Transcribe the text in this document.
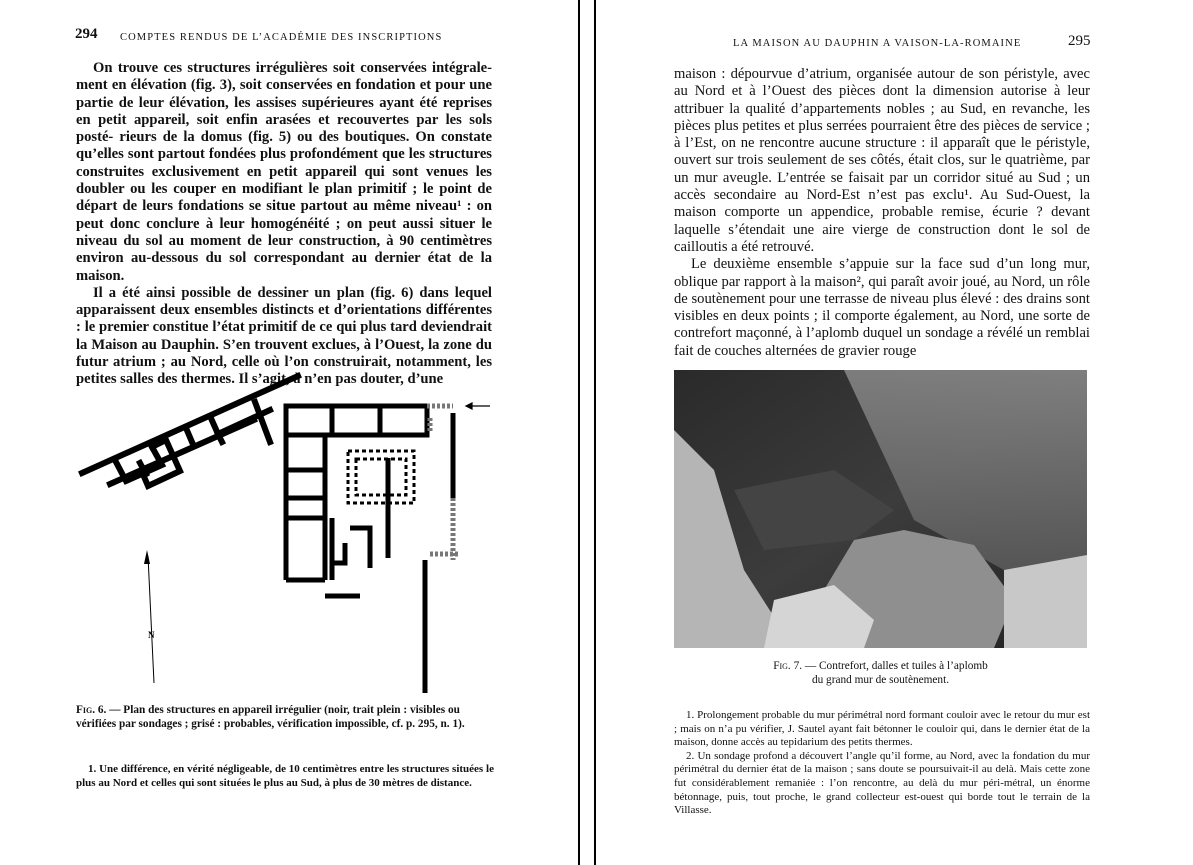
294 COMPTES RENDUS DE L’ACADÉMIE DES INSCRIPTIONS

On trouve ces structures irrégulières soit conservées intégrale- ment en élévation (fig. 3), soit conservées en fondation et pour une partie de leur élévation, les assises supérieures ayant été reprises en petit appareil, soit enfin arasées et recouvertes par les sols posté- rieurs de la domus (fig. 5) ou des boutiques. On constate qu’elles sont partout fondées plus profondément que les structures construites exclusivement en petit appareil qui sont venues les doubler ou les couper en modifiant le plan primitif ; le point de départ de leurs fondations se situe partout au même niveau¹ : on peut donc conclure à leur homogénéité ; on peut aussi situer le niveau du sol au moment de leur construction, à 90 centimètres environ au-dessous du sol correspondant au dernier état de la maison.

Il a été ainsi possible de dessiner un plan (fig. 6) dans lequel apparaissent deux ensembles distincts et d’orientations différentes : le premier constitue l’état primitif de ce qui plus tard deviendrait la Maison au Dauphin. S’en trouvent exclues, à l’Ouest, la zone du futur atrium ; au Nord, celle où l’on construirait, notamment, les petites salles des thermes. Il s’agit, à n’en pas douter, d’une

N
Fig. 6. — Plan des structures en appareil irrégulier (noir, trait plein : visibles ou vérifiées par sondages ; grisé : probables, vérification impossible, cf. p. 295, n. 1).

1. Une différence, en vérité négligeable, de 10 centimètres entre les structures situées le plus au Nord et celles qui sont situées le plus au Sud, à plus de 30 mètres de distance.

LA MAISON AU DAUPHIN A VAISON-LA-ROMAINE	295

maison : dépourvue d’atrium, organisée autour de son péristyle, avec au Nord et à l’Ouest des pièces dont la dimension autorise à leur attribuer la qualité d’appartements nobles ; au Sud, en revanche, les pièces plus petites et plus serrées pourraient être des pièces de service ; à l’Est, on ne rencontre aucune structure : il apparaît que le péristyle, ouvert sur trois seulement de ses côtés, était clos, sur le quatrième, par un mur aveugle. L’entrée se faisait par un corridor situé au Sud ; un accès secondaire au Nord-Est n’est pas exclu¹. Au Sud-Ouest, la maison comporte un appendice, probable remise, écurie ? devant laquelle s’étendait une aire vierge de construction dont le sol de cailloutis a été retrouvé.

Le deuxième ensemble s’appuie sur la face sud d’un long mur, oblique par rapport à la maison², qui paraît avoir joué, au Nord, un rôle de soutènement pour une terrasse de niveau plus élevé : des drains sont visibles en deux points ; il comporte également, au Nord, une sorte de contrefort maçonné, à l’aplomb duquel un sondage a révélé un remblai fait de couches alternées de gravier rouge

Fig. 7. — Contrefort, dalles et tuiles à l’aplomb
du grand mur de soutènement.

1. Prolongement probable du mur périmétral nord formant couloir avec le retour du mur est ; mais on n’a pu vérifier, J. Sautel ayant fait bétonner le couloir qui, dans le dernier état de la maison, donne accès au tepidarium des petits thermes.

2. Un sondage profond a découvert l’angle qu’il forme, au Nord, avec la fondation du mur périmétral du dernier état de la maison ; sans doute se poursuivait-il au delà. Mais cette zone fut considérablement remaniée : l’on rencontre, au delà du mur péri-métral, un énorme bétonnage, puis, tout proche, le grand collecteur est-ouest qui borde tout le terrain de la Villasse.
